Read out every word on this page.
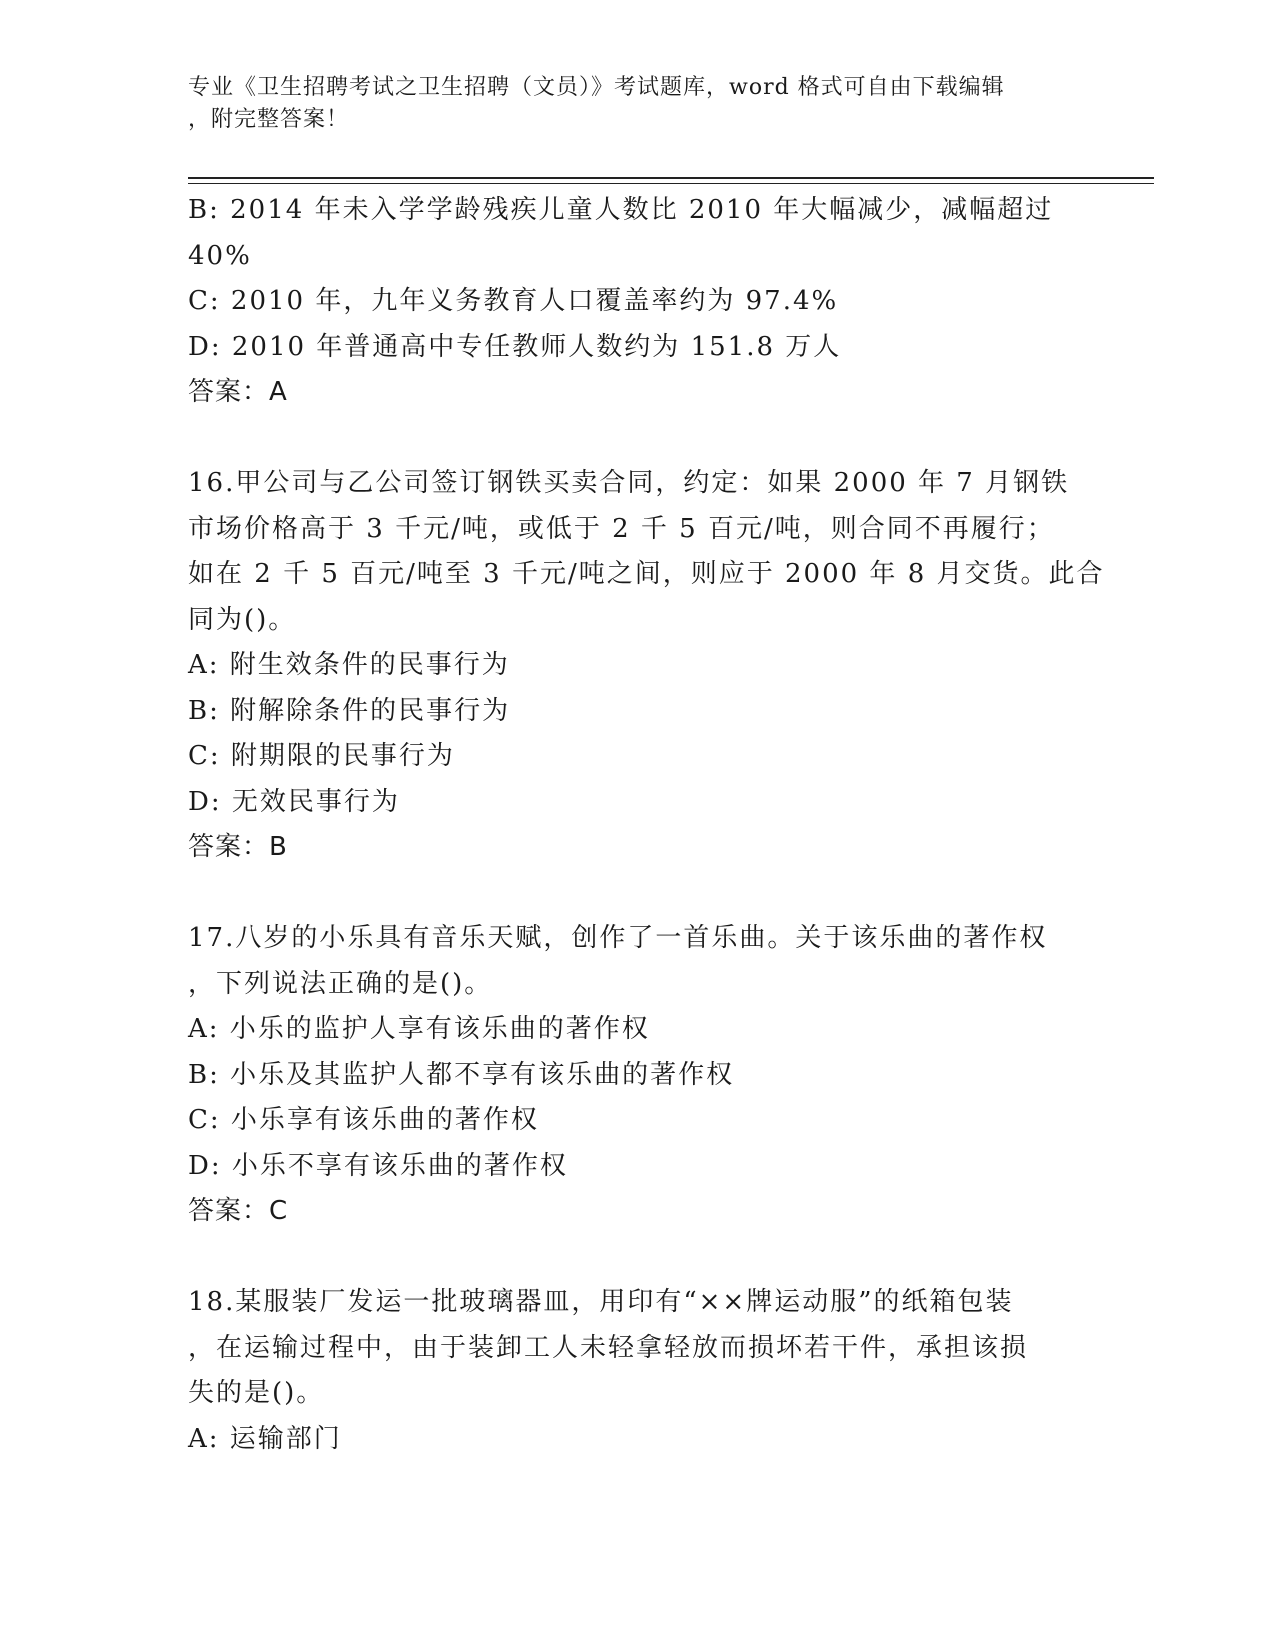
专业《卫生招聘考试之卫生招聘（文员）》考试题库，word 格式可自由下载编辑
，附完整答案！
B: 2014 年未入学学龄残疾儿童人数比 2010 年大幅减少，减幅超过
40%
C: 2010 年，九年义务教育人口覆盖率约为 97.4%
D: 2010 年普通高中专任教师人数约为 151.8 万人
答案：A
16.甲公司与乙公司签订钢铁买卖合同，约定：如果 2000 年 7 月钢铁
市场价格高于 3 千元/吨，或低于 2 千 5 百元/吨，则合同不再履行；
如在 2 千 5 百元/吨至 3 千元/吨之间，则应于 2000 年 8 月交货。此合
同为()。
A: 附生效条件的民事行为
B: 附解除条件的民事行为
C: 附期限的民事行为
D: 无效民事行为
答案：B
17.八岁的小乐具有音乐天赋，创作了一首乐曲。关于该乐曲的著作权
，下列说法正确的是()。
A: 小乐的监护人享有该乐曲的著作权
B: 小乐及其监护人都不享有该乐曲的著作权
C: 小乐享有该乐曲的著作权
D: 小乐不享有该乐曲的著作权
答案：C
18.某服装厂发运一批玻璃器皿，用印有“××牌运动服”的纸箱包装
，在运输过程中，由于装卸工人未轻拿轻放而损坏若干件，承担该损
失的是()。
A: 运输部门
